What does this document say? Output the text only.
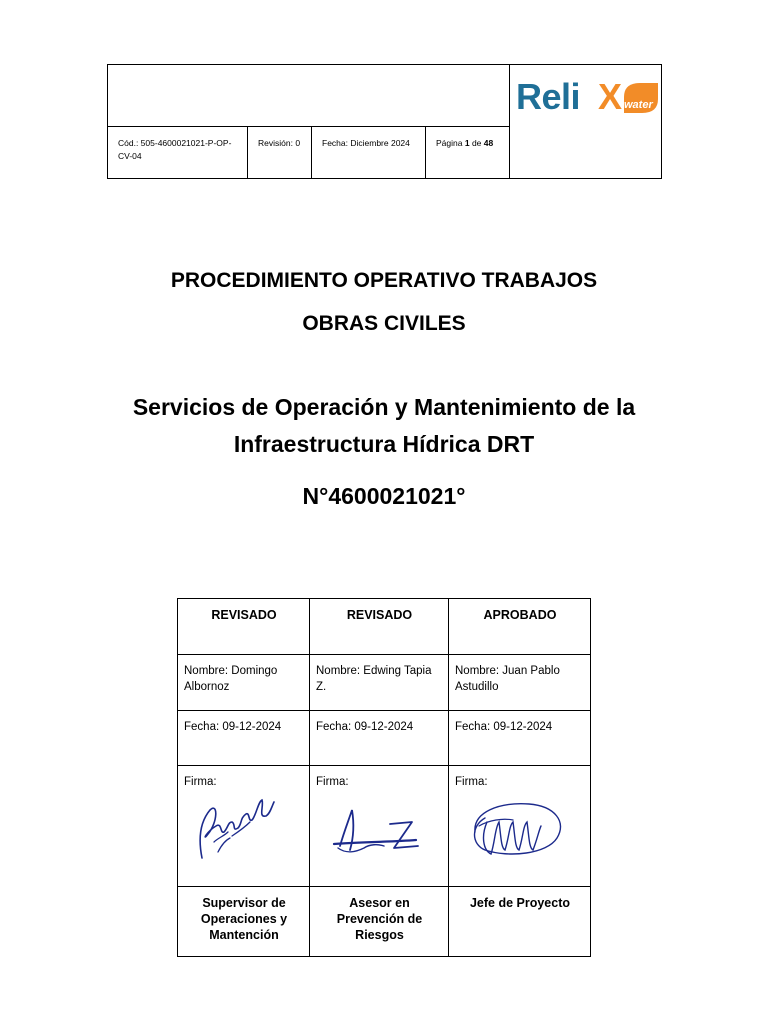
Cód.: 505-4600021021-P-OP-CV-04
Revisión: 0	Fecha: Diciembre 2024	Página 1 de 48
Reli X water
PROCEDIMIENTO OPERATIVO TRABAJOS
OBRAS CIVILES
Servicios de Operación y Mantenimiento de la
Infraestructura Hídrica DRT
N°4600021021°
REVISADO
Nombre: Domingo Albornoz
Fecha: 09-12-2024
Firma:
Supervisor de Operaciones y Mantención
REVISADO
Nombre: Edwing Tapia Z.
Fecha: 09-12-2024
Firma:
Asesor en Prevención de Riesgos
APROBADO
Nombre: Juan Pablo Astudillo
Fecha: 09-12-2024
Firma:
Jefe de Proyecto
